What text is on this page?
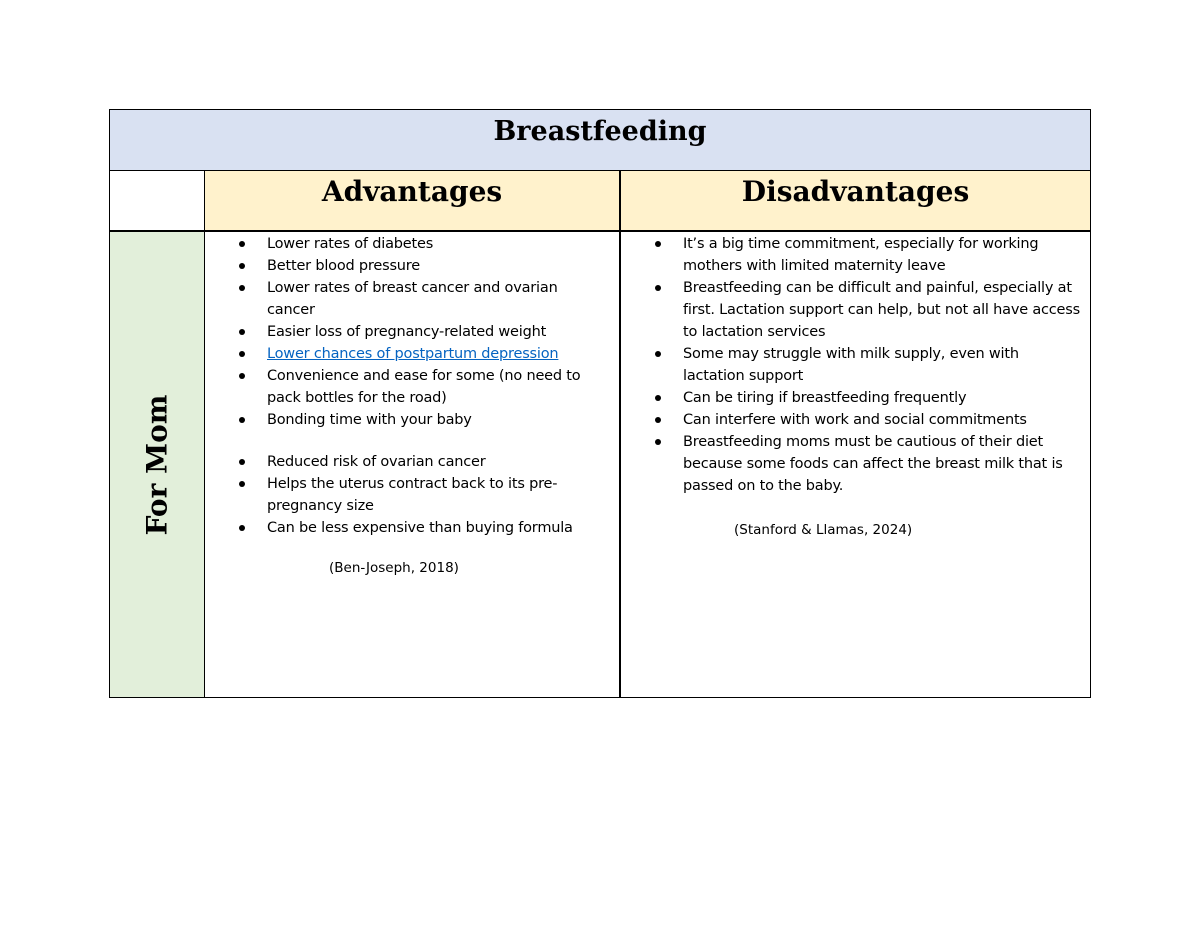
Breastfeeding
Advantages	Disadvantages
For Mom
Lower rates of diabetes
Better blood pressure
Lower rates of breast cancer and ovarian cancer
Easier loss of pregnancy-related weight
Lower chances of postpartum depression
Convenience and ease for some (no need to pack bottles for the road)
Bonding time with your baby
Reduced risk of ovarian cancer
Helps the uterus contract back to its pre-pregnancy size
Can be less expensive than buying formula
(Ben-Joseph, 2018)
It’s a big time commitment, especially for working mothers with limited maternity leave
Breastfeeding can be difficult and painful, especially at first. Lactation support can help, but not all have access to lactation services
Some may struggle with milk supply, even with lactation support
Can be tiring if breastfeeding frequently
Can interfere with work and social commitments
Breastfeeding moms must be cautious of their diet because some foods can affect the breast milk that is passed on to the baby.
(Stanford & Llamas, 2024)
